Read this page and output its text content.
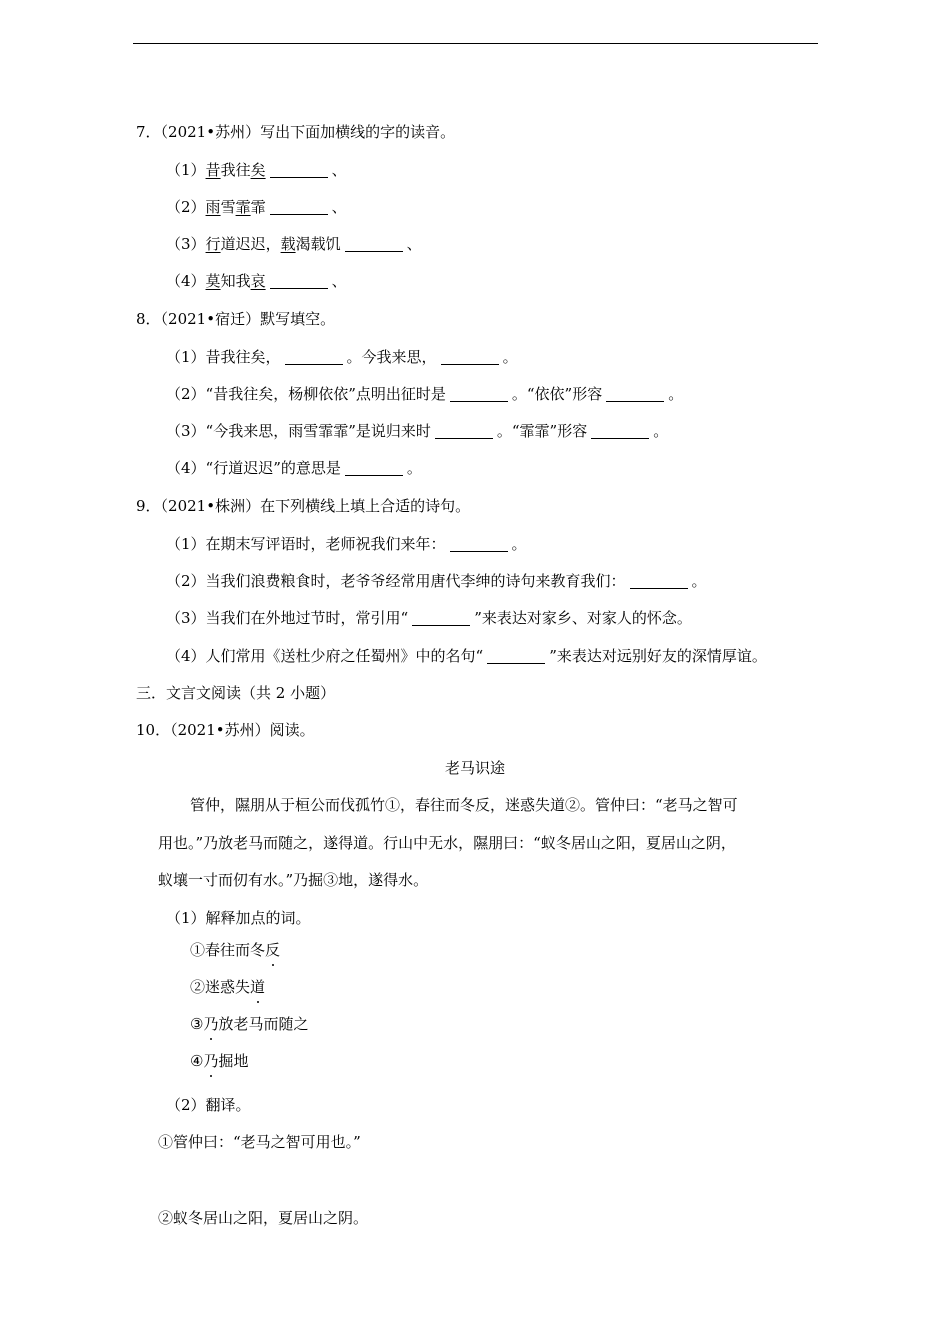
7．（2021•苏州）写出下面加横线的字的读音。
（1）昔我往矣	、
（2）雨雪霏霏	、
（3）行道迟迟，载渴载饥	、
（4）莫知我哀	、
8．（2021•宿迁）默写填空。
（1）昔我往矣，	。今我来思，	。
（2）“昔我往矣，杨柳依依”点明出征时是	。“依依”形容	。
（3）“今我来思，雨雪霏霏”是说归来时	。“霏霏”形容	。
（4）“行道迟迟”的意思是	。
9．（2021•株洲）在下列横线上填上合适的诗句。
（1）在期末写评语时，老师祝我们来年：	。
（2）当我们浪费粮食时，老爷爷经常用唐代李绅的诗句来教育我们：	。
（3）当我们在外地过节时，常引用“	”来表达对家乡、对家人的怀念。
（4）人们常用《送杜少府之任蜀州》中的名句“	”来表达对远别好友的深情厚谊。
三．文言文阅读（共 2 小题）
10．（2021•苏州）阅读。
老马识途
管仲，隰朋从于桓公而伐孤竹①，春往而冬反，迷惑失道②。管仲曰：“老马之智可
用也。”乃放老马而随之，遂得道。行山中无水，隰朋曰：“蚁冬居山之阳，夏居山之阴，
蚁壤一寸而仞有水。”乃掘③地，遂得水。
（1）解释加点的词。
①春往而冬反
②迷惑失道
③乃放老马而随之
④乃掘地
（2）翻译。
①管仲曰：“老马之智可用也。”
②蚁冬居山之阳，夏居山之阴。
